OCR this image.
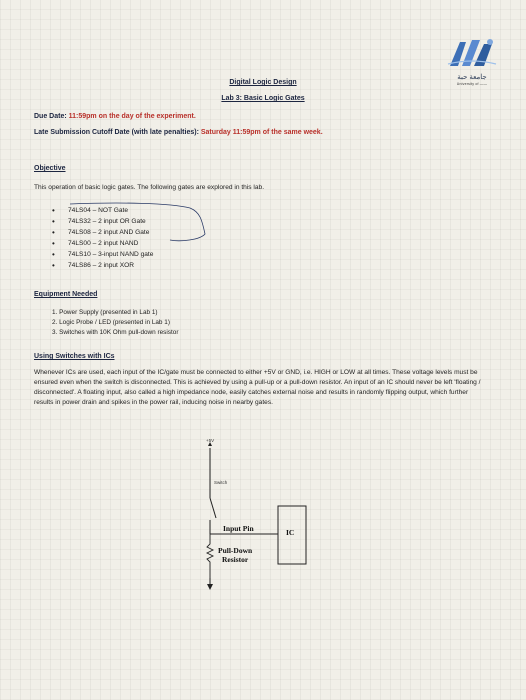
جامعة حبة
University of ——
Digital Logic Design
Lab 3: Basic Logic Gates
Due Date: 11:59pm on the day of the experiment.
Late Submission Cutoff Date (with late penalties): Saturday 11:59pm of the same week.
Objective
This operation of basic logic gates. The following gates are explored in this lab.
• 74LS04 – NOT Gate
• 74LS32 – 2 input OR Gate
• 74LS08 – 2 input AND Gate
• 74LS00 – 2 input NAND
• 74LS10 – 3-input NAND gate
• 74LS86 – 2 input XOR
Equipment Needed
1. Power Supply (presented in Lab 1)
2. Logic Probe / LED (presented in Lab 1)
3. Switches with 10K Ohm pull-down resistor
Using Switches with ICs
Whenever ICs are used, each input of the IC/gate must be connected to either +5V or GND, i.e. HIGH or LOW at all times. These voltage levels must be ensured even when the switch is disconnected. This is achieved by using a pull-up or a pull-down resistor. An input of an IC should never be left 'floating / disconnected'. A floating input, also called a high impedance node, easily catches external noise and results in randomly flipping output, which further results in power drain and spikes in the power rail, inducing noise in nearby gates.
+5V
Switch
Input Pin	IC
Pull-Down
Resistor
